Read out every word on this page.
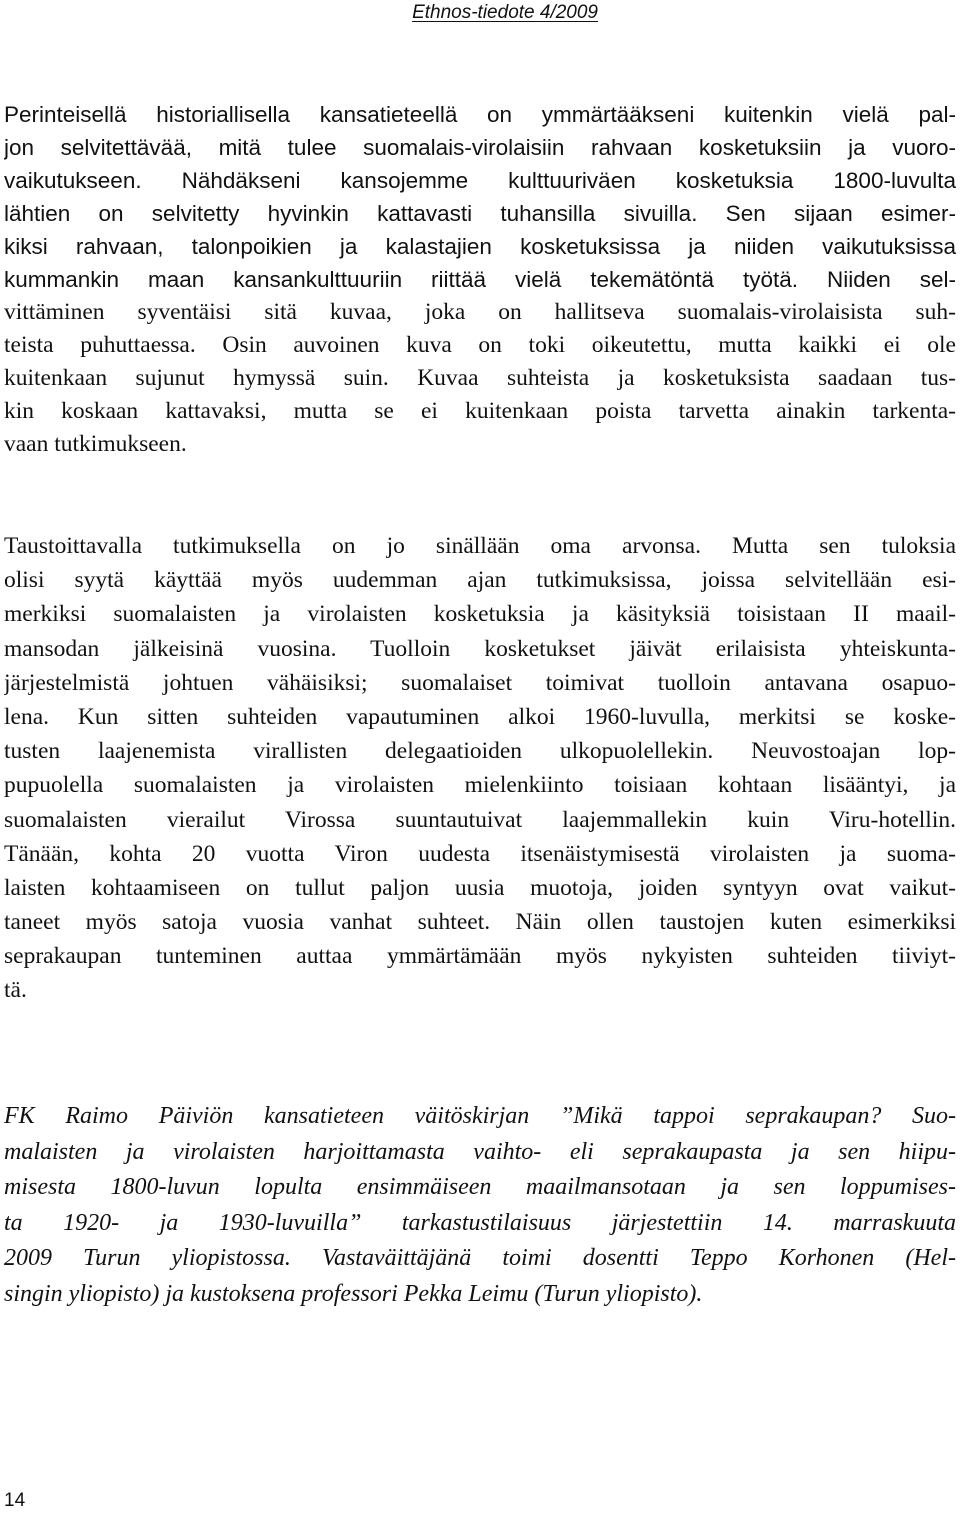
Ethnos-tiedote 4/2009
Perinteisellä historiallisella kansatieteellä on ymmärtääkseni kuitenkin vielä pal-
jon selvitettävää, mitä tulee suomalais-virolaisiin rahvaan kosketuksiin ja vuoro-
vaikutukseen. Nähdäkseni kansojemme kulttuuriväen kosketuksia 1800-luvulta
lähtien on selvitetty hyvinkin kattavasti tuhansilla sivuilla. Sen sijaan esimer-
kiksi rahvaan, talonpoikien ja kalastajien kosketuksissa ja niiden vaikutuksissa
kummankin maan kansankulttuuriin riittää vielä tekemätöntä työtä. Niiden sel-
vittäminen syventäisi sitä kuvaa, joka on hallitseva suomalais-virolaisista suh-
teista puhuttaessa. Osin auvoinen kuva on toki oikeutettu, mutta kaikki ei ole
kuitenkaan sujunut hymyssä suin. Kuvaa suhteista ja kosketuksista saadaan tus-
kin koskaan kattavaksi, mutta se ei kuitenkaan poista tarvetta ainakin tarkenta-
vaan tutkimukseen.
Taustoittavalla tutkimuksella on jo sinällään oma arvonsa. Mutta sen tuloksia
olisi syytä käyttää myös uudemman ajan tutkimuksissa, joissa selvitellään esi-
merkiksi suomalaisten ja virolaisten kosketuksia ja käsityksiä toisistaan II maail-
mansodan jälkeisinä vuosina. Tuolloin kosketukset jäivät erilaisista yhteiskunta-
järjestelmistä johtuen vähäisiksi; suomalaiset toimivat tuolloin antavana osapuo-
lena. Kun sitten suhteiden vapautuminen alkoi 1960-luvulla, merkitsi se koske-
tusten laajenemista virallisten delegaatioiden ulkopuolellekin. Neuvostoajan lop-
pupuolella suomalaisten ja virolaisten mielenkiinto toisiaan kohtaan lisääntyi, ja
suomalaisten vierailut Virossa suuntautuivat laajemmallekin kuin Viru-hotellin.
Tänään, kohta 20 vuotta Viron uudesta itsenäistymisestä virolaisten ja suoma-
laisten kohtaamiseen on tullut paljon uusia muotoja, joiden syntyyn ovat vaikut-
taneet myös satoja vuosia vanhat suhteet. Näin ollen taustojen kuten esimerkiksi
seprakaupan tunteminen auttaa ymmärtämään myös nykyisten suhteiden tiiviyt-
tä.
FK Raimo Päiviön kansatieteen väitöskirjan ”Mikä tappoi seprakaupan? Suo-
malaisten ja virolaisten harjoittamasta vaihto- eli seprakaupasta ja sen hiipu-
misesta 1800-luvun lopulta ensimmäiseen maailmansotaan ja sen loppumises-
ta 1920- ja 1930-luvuilla” tarkastustilaisuus järjestettiin 14. marraskuuta
2009 Turun yliopistossa. Vastaväittäjänä toimi dosentti Teppo Korhonen (Hel-
singin yliopisto) ja kustoksena professori Pekka Leimu (Turun yliopisto).
14
